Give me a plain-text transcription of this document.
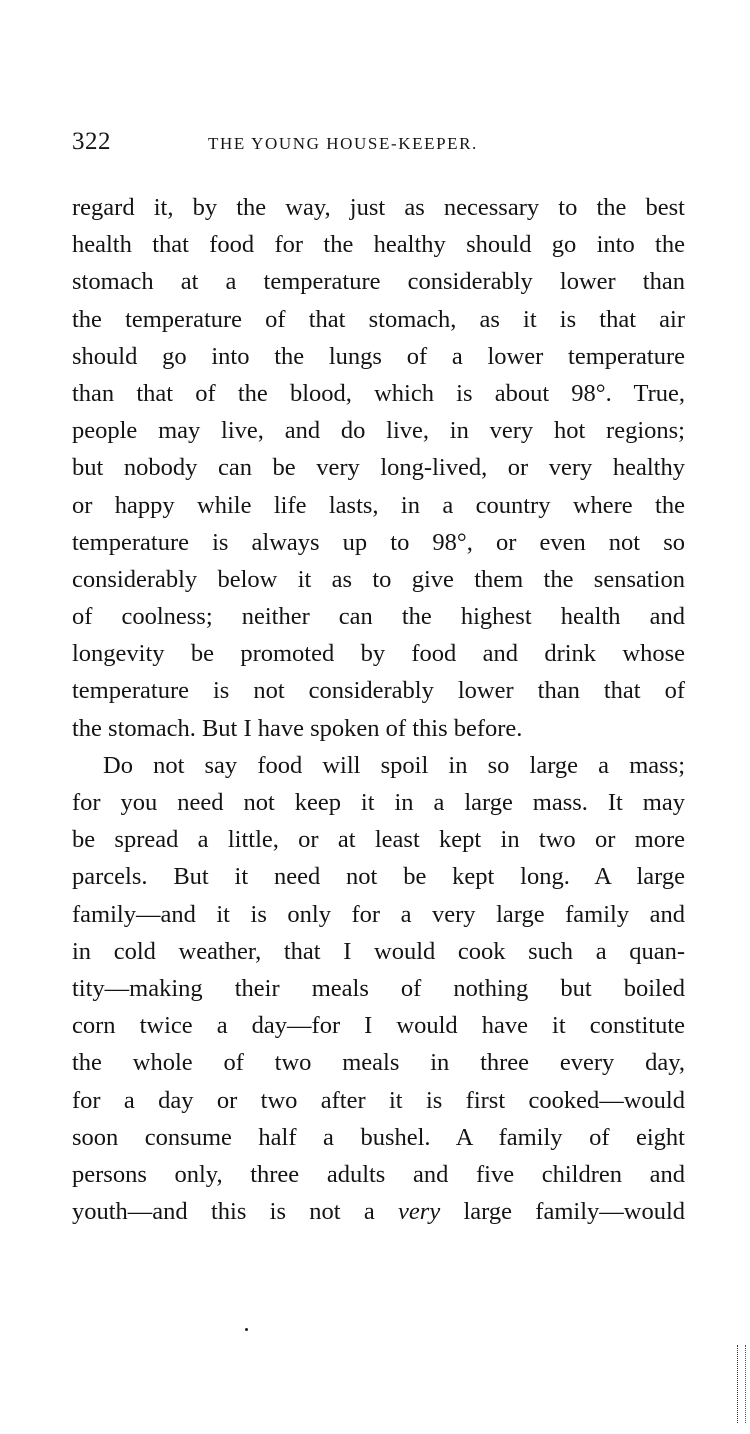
322	THE YOUNG HOUSE-KEEPER.
regard it, by the way, just as necessary to the best
health that food for the healthy should go into the
stomach at a temperature considerably lower than
the temperature of that stomach, as it is that air
should go into the lungs of a lower temperature
than that of the blood, which is about 98°. True,
people may live, and do live, in very hot regions;
but nobody can be very long-lived, or very healthy
or happy while life lasts, in a country where the
temperature is always up to 98°, or even not so
considerably below it as to give them the sensation
of coolness; neither can the highest health and
longevity be promoted by food and drink whose
temperature is not considerably lower than that of
the stomach. But I have spoken of this before.
Do not say food will spoil in so large a mass;
for you need not keep it in a large mass. It may
be spread a little, or at least kept in two or more
parcels. But it need not be kept long. A large
family—and it is only for a very large family and
in cold weather, that I would cook such a quan-
tity—making their meals of nothing but boiled
corn twice a day—for I would have it constitute
the whole of two meals in three every day,
for a day or two after it is first cooked—would
soon consume half a bushel. A family of eight
persons only, three adults and five children and
youth—and this is not a very large family—would
